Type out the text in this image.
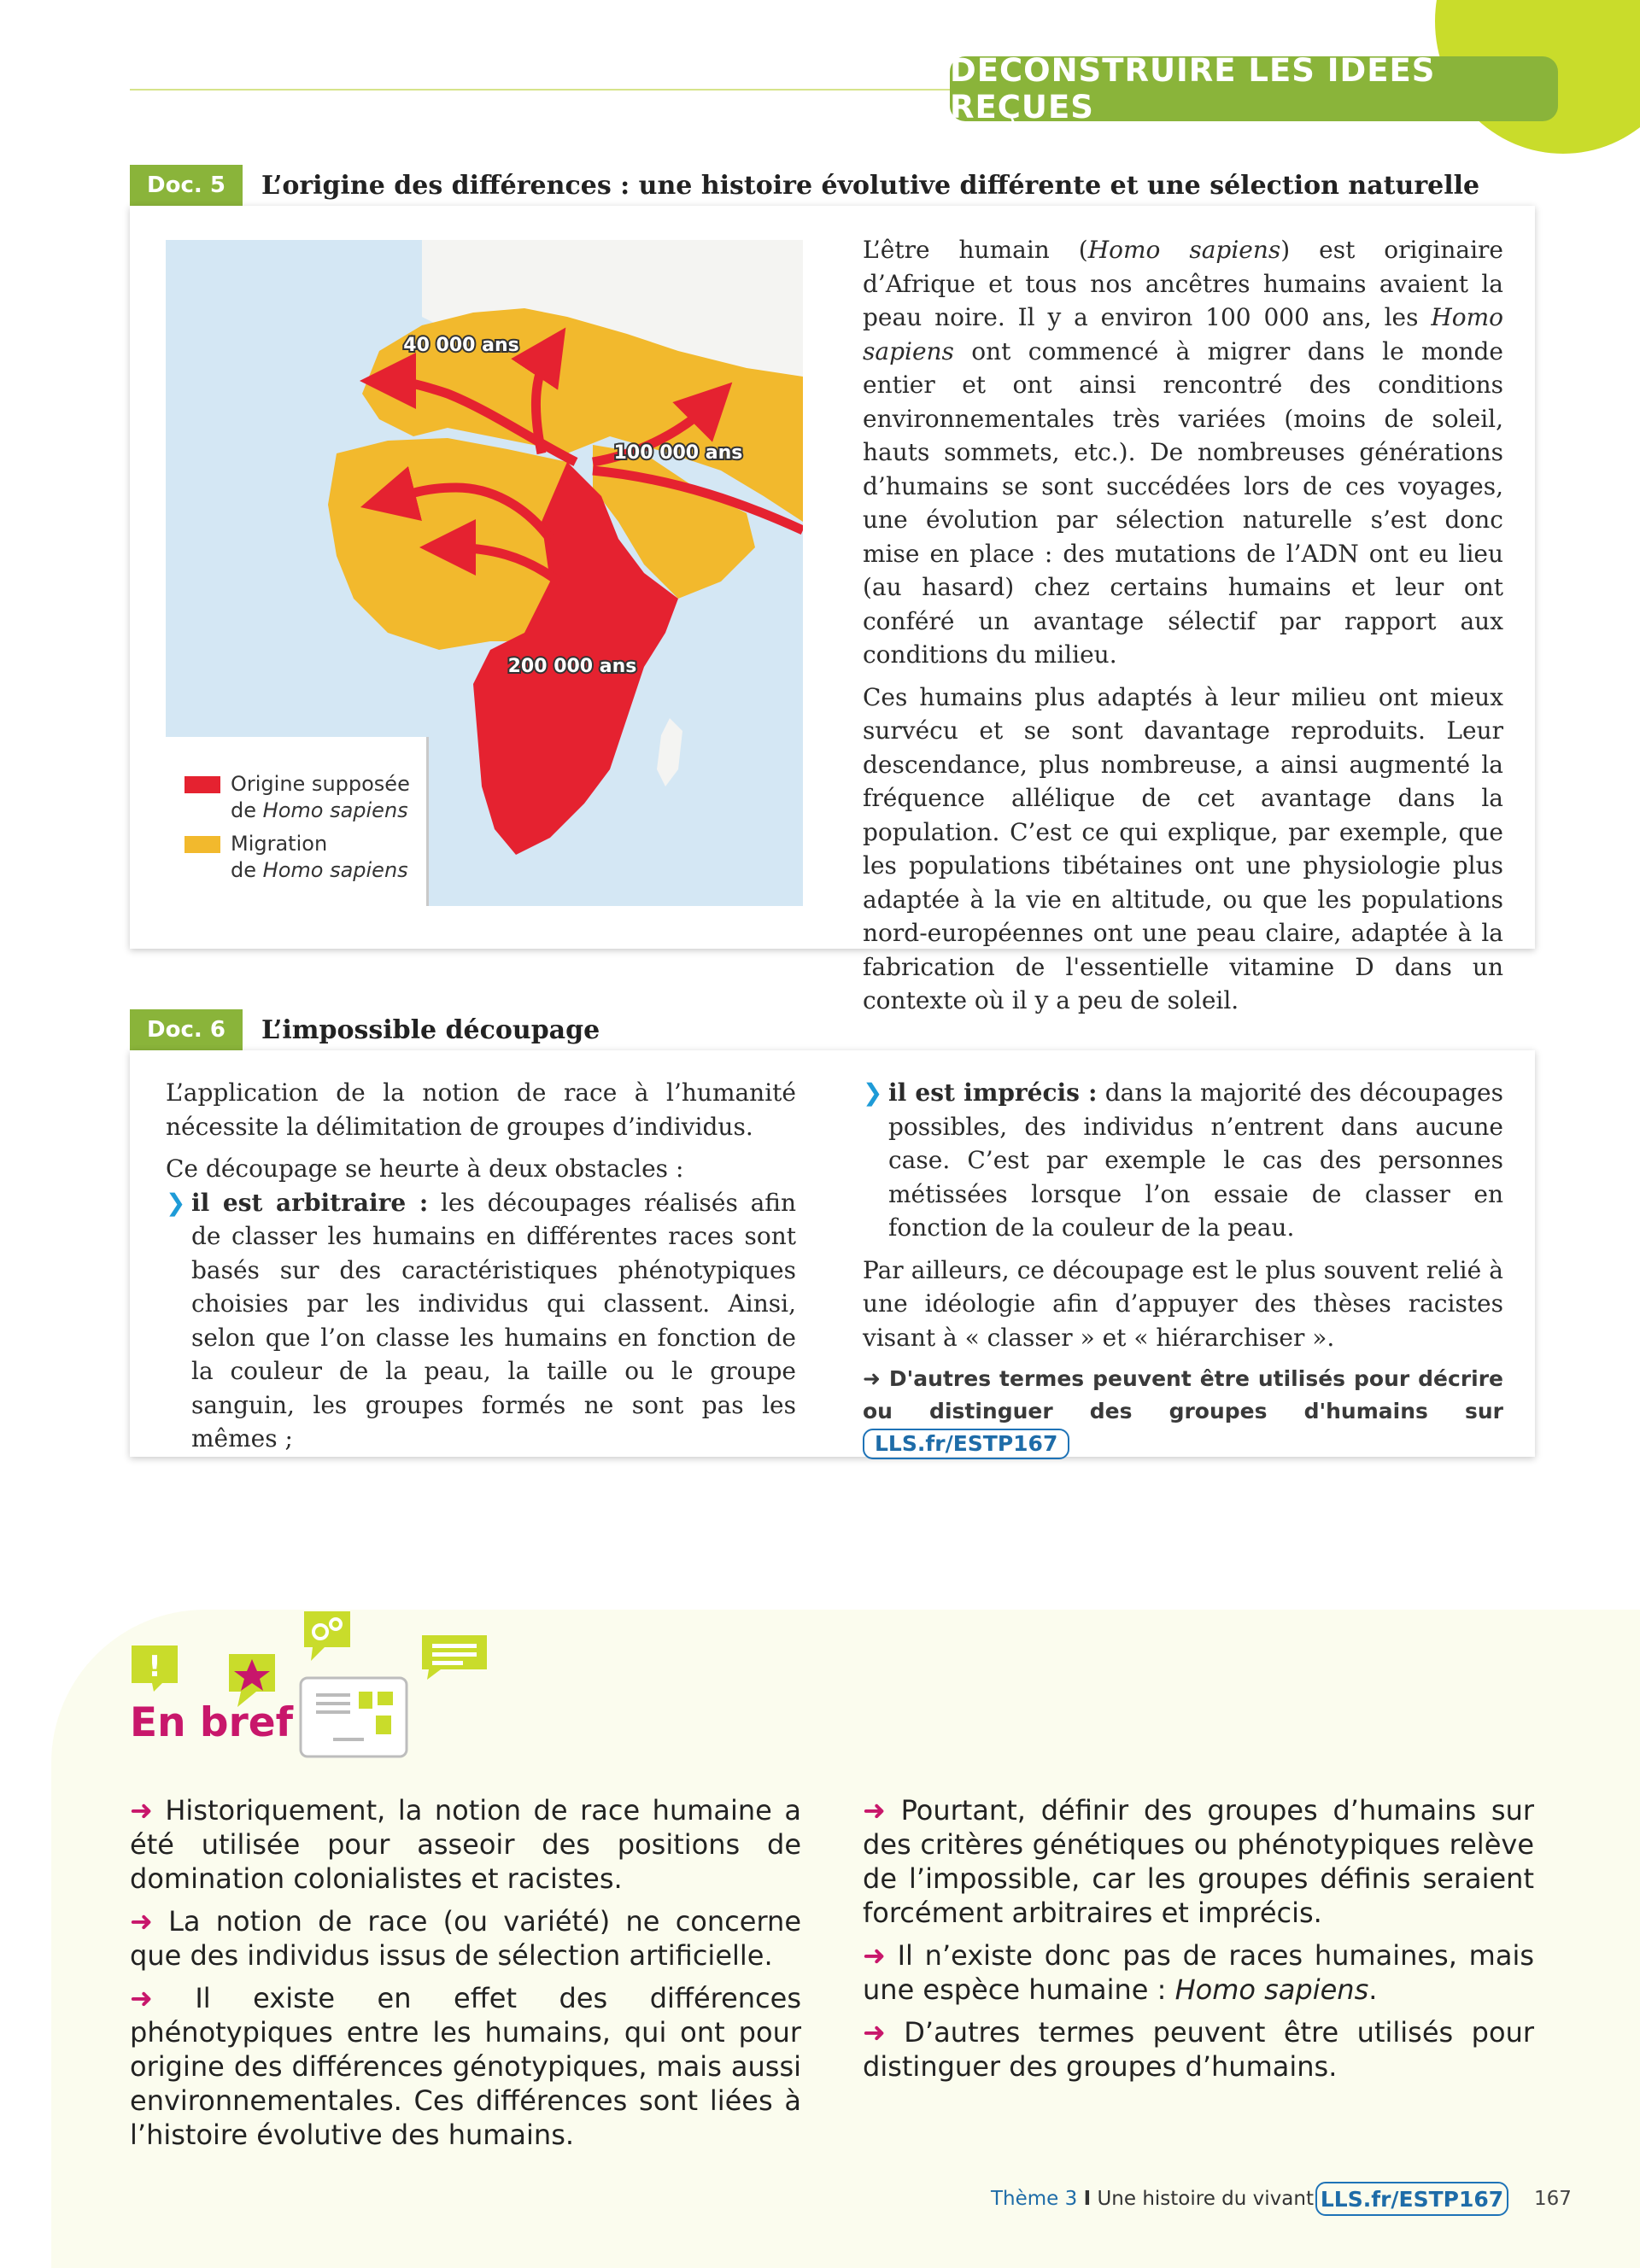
DÉCONSTRUIRE LES IDÉES REÇUES
Doc. 5	L’origine des différences : une histoire évolutive différente et une sélection naturelle
40 000 ans
100 000 ans
200 000 ans
Origine supposée
de Homo sapiens
Migration
de Homo sapiens

L’être humain (Homo sapiens) est originaire d’Afrique et tous nos ancêtres humains avaient la peau noire. Il y a environ 100 000 ans, les Homo sapiens ont commencé à migrer dans le monde entier et ont ainsi rencontré des conditions environnementales très variées (moins de soleil, hauts sommets, etc.). De nombreuses générations d’humains se sont succédées lors de ces voyages, une évolution par sélection naturelle s’est donc mise en place : des mutations de l’ADN ont eu lieu (au hasard) chez certains humains et leur ont conféré un avantage sélectif par rapport aux conditions du milieu.

Ces humains plus adaptés à leur milieu ont mieux survécu et se sont davantage reproduits. Leur descendance, plus nombreuse, a ainsi augmenté la fréquence allélique de cet avantage dans la population. C’est ce qui explique, par exemple, que les populations tibétaines ont une physiologie plus adaptée à la vie en altitude, ou que les populations nord-européennes ont une peau claire, adaptée à la fabrication de l'essentielle vitamine D dans un contexte où il y a peu de soleil.

Doc. 6	L’impossible découpage

L’application de la notion de race à l’humanité nécessite la délimitation de groupes d’individus.

Ce découpage se heurte à deux obstacles :

❯ il est arbitraire : les découpages réalisés afin de classer les humains en différentes races sont basés sur des caractéristiques phénotypiques choisies par les individus qui classent. Ainsi, selon que l’on classe les humains en fonction de la couleur de la peau, la taille ou le groupe sanguin, les groupes formés ne sont pas les mêmes ;
❯ il est imprécis : dans la majorité des découpages possibles, des individus n’entrent dans aucune case. C’est par exemple le cas des personnes métissées lorsque l’on essaie de classer en fonction de la couleur de la peau.

Par ailleurs, ce découpage est le plus souvent relié à une idéologie afin d’appuyer des thèses racistes visant à « classer » et « hiérarchiser ».

➜ D'autres termes peuvent être utilisés pour décrire ou distinguer des groupes d'humains sur LLS.fr/ESTP167
!
En bref

➜ Historiquement, la notion de race humaine a été utilisée pour asseoir des positions de domination colonialistes et racistes.

➜ La notion de race (ou variété) ne concerne que des individus issus de sélection artificielle.

➜ Il existe en effet des différences phénotypiques entre les humains, qui ont pour origine des différences génotypiques, mais aussi environnementales. Ces différences sont liées à l’histoire évolutive des humains.

➜ Pourtant, définir des groupes d’humains sur des critères génétiques ou phénotypiques relève de l’impossible, car les groupes définis seraient forcément arbitraires et imprécis.

➜ Il n’existe donc pas de races humaines, mais une espèce humaine : Homo sapiens.

➜ D’autres termes peuvent être utilisés pour distinguer des groupes d’humains.

Thème 3 I Une histoire du vivant LLS.fr/ESTP167 167
